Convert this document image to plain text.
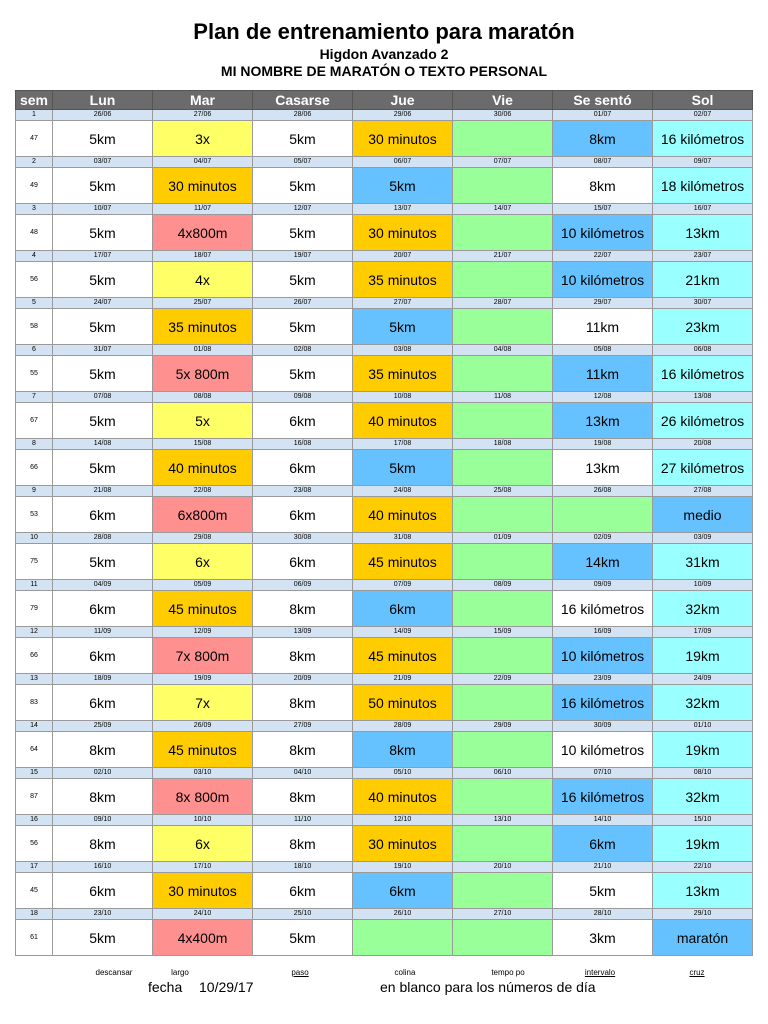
Plan de entrenamiento para maratón
Higdon Avanzado 2
MI NOMBRE DE MARATÓN O TEXTO PERSONAL
sem	Lun	Mar	Casarse	Jue	Vie	Se sentó	Sol
1	26/06	27/06	28/06	29/06	30/06	01/07	02/07
47	5km	3x	5km	30 minutos		8km	16 kilómetros
2	03/07	04/07	05/07	06/07	07/07	08/07	09/07
49	5km	30 minutos	5km	5km		8km	18 kilómetros
3	10/07	11/07	12/07	13/07	14/07	15/07	16/07
48	5km	4x800m	5km	30 minutos		10 kilómetros	13km
4	17/07	18/07	19/07	20/07	21/07	22/07	23/07
56	5km	4x	5km	35 minutos		10 kilómetros	21km
5	24/07	25/07	26/07	27/07	28/07	29/07	30/07
58	5km	35 minutos	5km	5km		11km	23km
6	31/07	01/08	02/08	03/08	04/08	05/08	06/08
55	5km	5x 800m	5km	35 minutos		11km	16 kilómetros
7	07/08	08/08	09/08	10/08	11/08	12/08	13/08
67	5km	5x	6km	40 minutos		13km	26 kilómetros
8	14/08	15/08	16/08	17/08	18/08	19/08	20/08
66	5km	40 minutos	6km	5km		13km	27 kilómetros
9	21/08	22/08	23/08	24/08	25/08	26/08	27/08
53	6km	6x800m	6km	40 minutos			medio
10	28/08	29/08	30/08	31/08	01/09	02/09	03/09
75	5km	6x	6km	45 minutos		14km	31km
11	04/09	05/09	06/09	07/09	08/09	09/09	10/09
79	6km	45 minutos	8km	6km		16 kilómetros	32km
12	11/09	12/09	13/09	14/09	15/09	16/09	17/09
66	6km	7x 800m	8km	45 minutos		10 kilómetros	19km
13	18/09	19/09	20/09	21/09	22/09	23/09	24/09
83	6km	7x	8km	50 minutos		16 kilómetros	32km
14	25/09	26/09	27/09	28/09	29/09	30/09	01/10
64	8km	45 minutos	8km	8km		10 kilómetros	19km
15	02/10	03/10	04/10	05/10	06/10	07/10	08/10
87	8km	8x 800m	8km	40 minutos		16 kilómetros	32km
16	09/10	10/10	11/10	12/10	13/10	14/10	15/10
56	8km	6x	8km	30 minutos		6km	19km
17	16/10	17/10	18/10	19/10	20/10	21/10	22/10
45	6km	30 minutos	6km	6km		5km	13km
18	23/10	24/10	25/10	26/10	27/10	28/10	29/10
61	5km	4x400m	5km			3km	maratón
descansar	largo	paso	colina	tempo po	intervalo	cruz
fecha 10/29/17	en blanco para los números de día
